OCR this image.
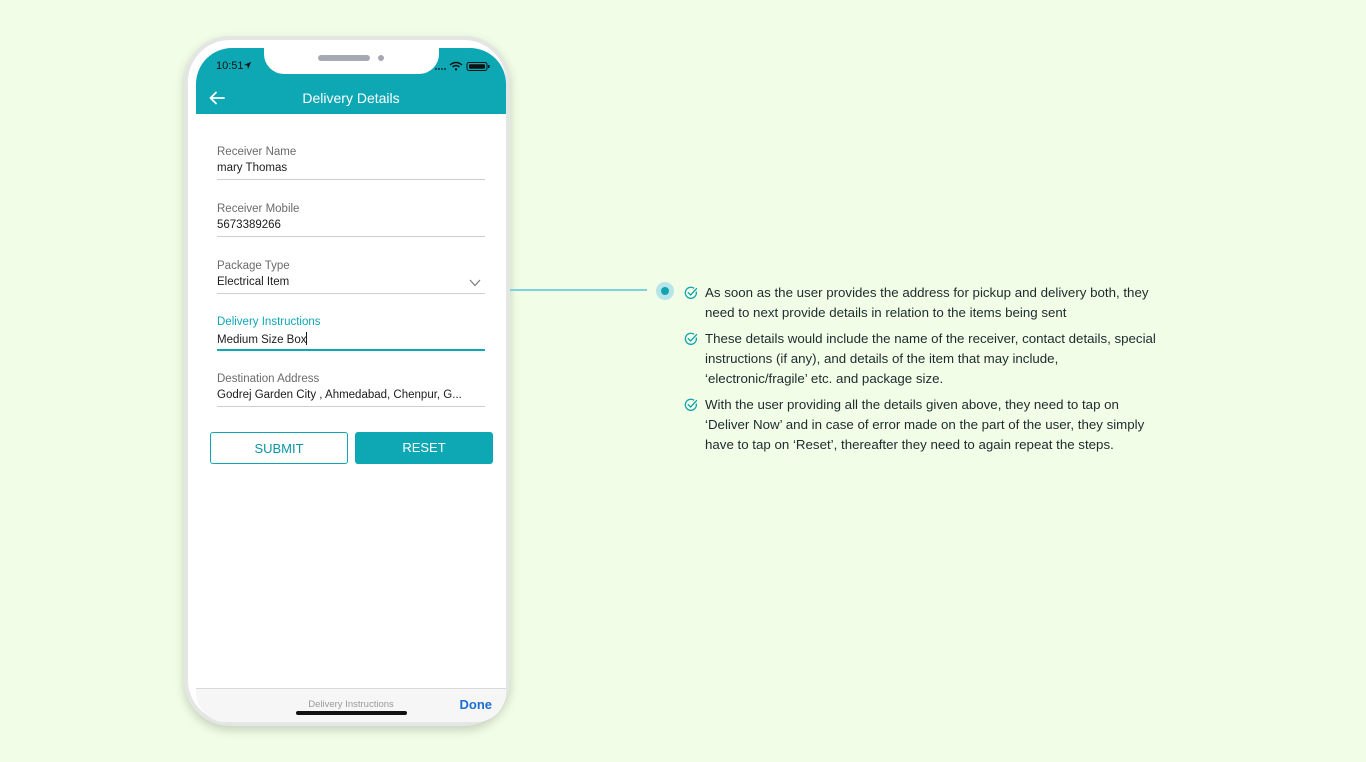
10:51
Delivery Details
Receiver Name
mary Thomas
Receiver Mobile
5673389266
Package Type
Electrical Item
Delivery Instructions
Medium Size Box
Destination Address
Godrej Garden City , Ahmedabad, Chenpur, G...
SUBMIT	RESET
Delivery Instructions	Done
As soon as the user provides the address for pickup and delivery both, they need to next provide details in relation to the items being sent
These details would include the name of the receiver, contact details, special instructions (if any), and details of the item that may include, ‘electronic/fragile’ etc. and package size.
With the user providing all the details given above, they need to tap on ‘Deliver Now’ and in case of error made on the part of the user, they simply have to tap on ‘Reset’, thereafter they need to again repeat the steps.
